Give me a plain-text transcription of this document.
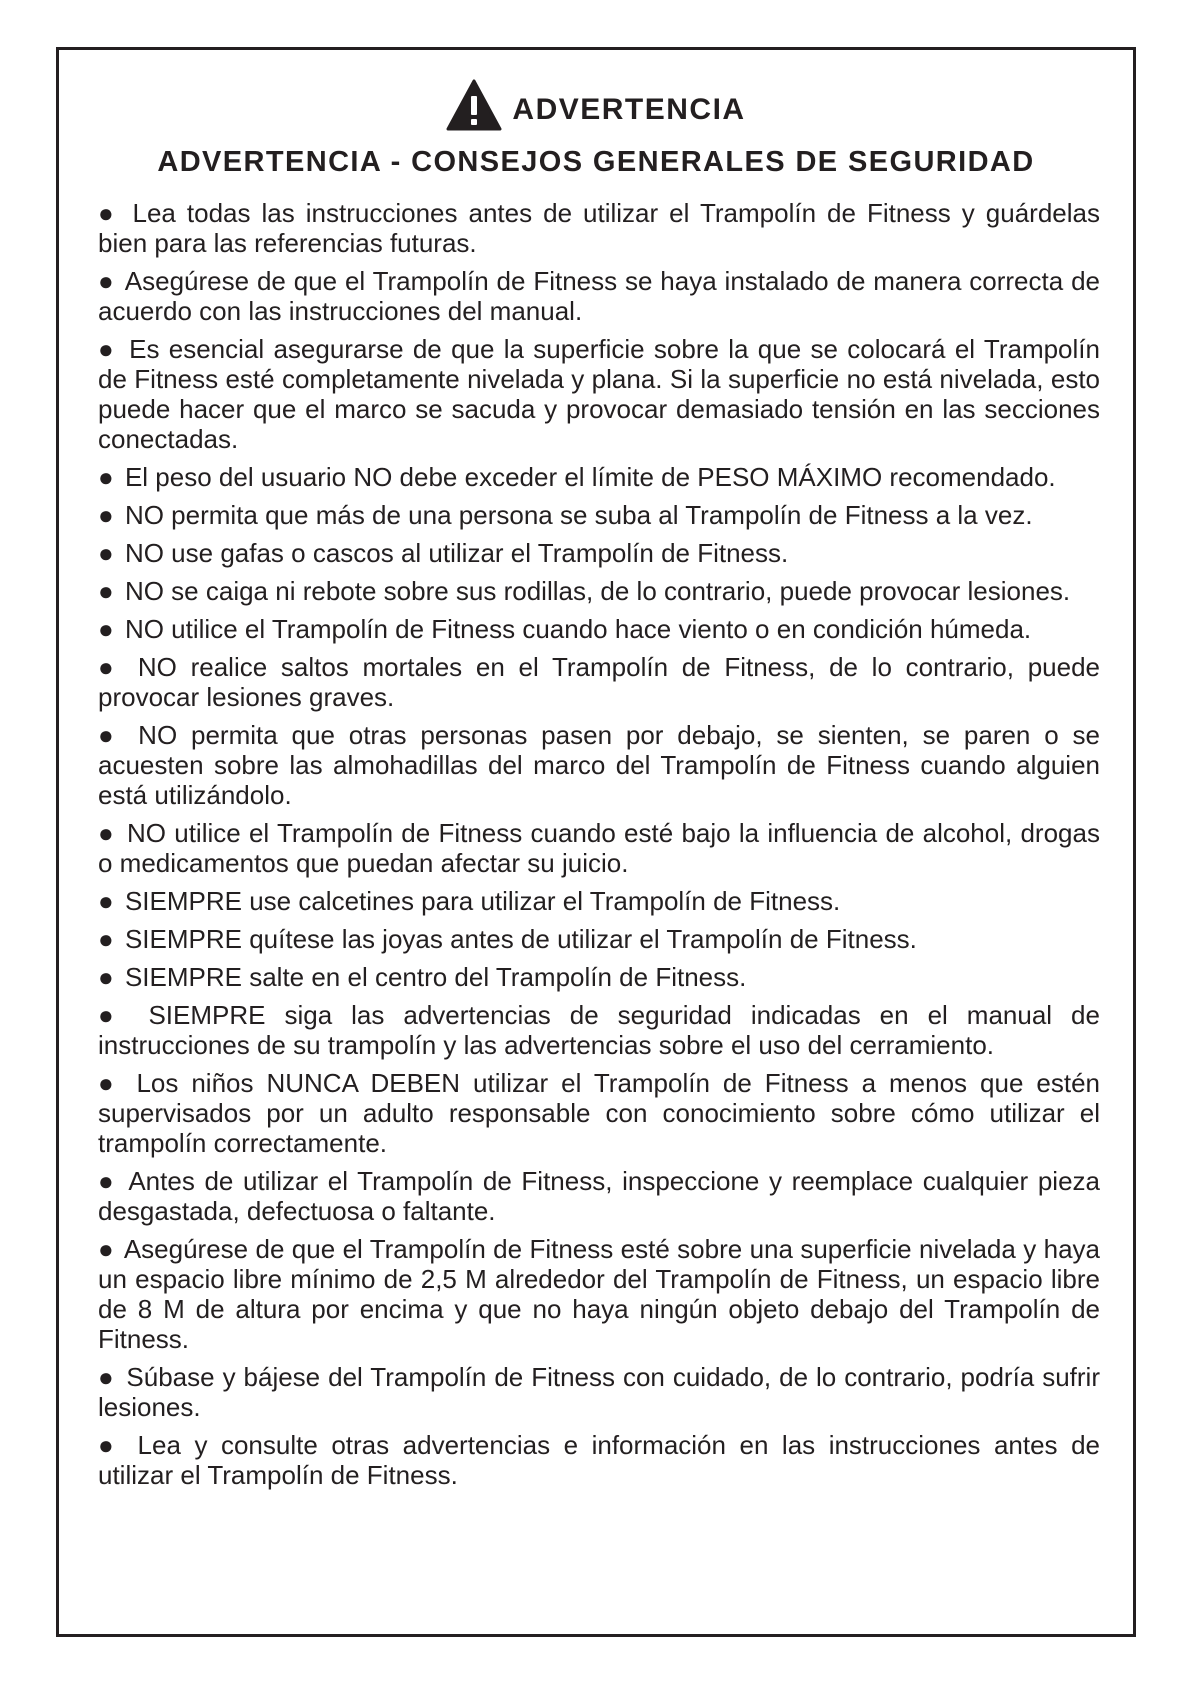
ADVERTENCIA
ADVERTENCIA - CONSEJOS GENERALES DE SEGURIDAD
● Lea todas las instrucciones antes de utilizar el Trampolín de Fitness y guárdelas bien para las referencias futuras.
● Asegúrese de que el Trampolín de Fitness se haya instalado de manera correcta de acuerdo con las instrucciones del manual.
● Es esencial asegurarse de que la superficie sobre la que se colocará el Trampolín de Fitness esté completamente nivelada y plana. Si la superficie no está nivelada, esto puede hacer que el marco se sacuda y provocar demasiado tensión en las secciones conectadas.
● El peso del usuario NO debe exceder el límite de PESO MÁXIMO recomendado.
● NO permita que más de una persona se suba al Trampolín de Fitness a la vez.
● NO use gafas o cascos al utilizar el Trampolín de Fitness.
● NO se caiga ni rebote sobre sus rodillas, de lo contrario, puede provocar lesiones.
● NO utilice el Trampolín de Fitness cuando hace viento o en condición húmeda.
● NO realice saltos mortales en el Trampolín de Fitness, de lo contrario, puede provocar lesiones graves.
● NO permita que otras personas pasen por debajo, se sienten, se paren o se acuesten sobre las almohadillas del marco del Trampolín de Fitness cuando alguien está utilizándolo.
● NO utilice el Trampolín de Fitness cuando esté bajo la influencia de alcohol, drogas o medicamentos que puedan afectar su juicio.
● SIEMPRE use calcetines para utilizar el Trampolín de Fitness.
● SIEMPRE quítese las joyas antes de utilizar el Trampolín de Fitness.
● SIEMPRE salte en el centro del Trampolín de Fitness.
● SIEMPRE siga las advertencias de seguridad indicadas en el manual de instrucciones de su trampolín y las advertencias sobre el uso del cerramiento.
● Los niños NUNCA DEBEN utilizar el Trampolín de Fitness a menos que estén supervisados por un adulto responsable con conocimiento sobre cómo utilizar el trampolín correctamente.
● Antes de utilizar el Trampolín de Fitness, inspeccione y reemplace cualquier pieza desgastada, defectuosa o faltante.
● Asegúrese de que el Trampolín de Fitness esté sobre una superficie nivelada y haya un espacio libre mínimo de 2,5 M alrededor del Trampolín de Fitness, un espacio libre de 8 M de altura por encima y que no haya ningún objeto debajo del Trampolín de Fitness.
● Súbase y bájese del Trampolín de Fitness con cuidado, de lo contrario, podría sufrir lesiones.
● Lea y consulte otras advertencias e información en las instrucciones antes de utilizar el Trampolín de Fitness.
